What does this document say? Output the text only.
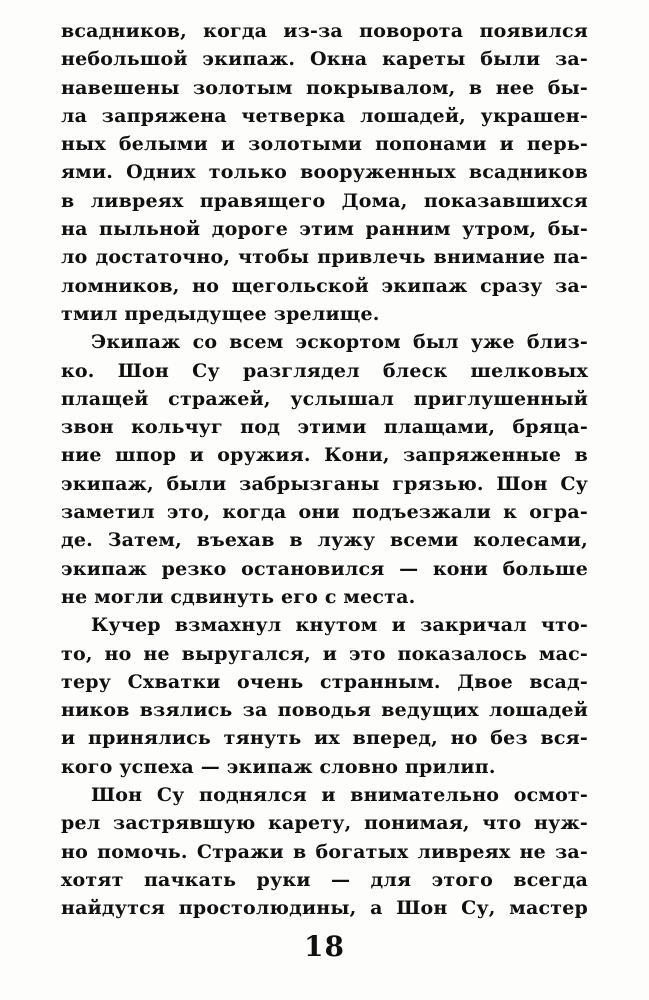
всадников, когда из-за поворота появился
небольшой экипаж. Окна кареты были за-
навешены золотым покрывалом, в нее бы-
ла запряжена четверка лошадей, украшен-
ных белыми и золотыми попонами и перь-
ями. Одних только вооруженных всадников
в ливреях правящего Дома, показавшихся
на пыльной дороге этим ранним утром, бы-
ло достаточно, чтобы привлечь внимание па-
ломников, но щегольской экипаж сразу за-
тмил предыдущее зрелище.
Экипаж со всем эскортом был уже близ-
ко. Шон Су разглядел блеск шелковых
плащей стражей, услышал приглушенный
звон кольчуг под этими плащами, бряца-
ние шпор и оружия. Кони, запряженные в
экипаж, были забрызганы грязью. Шон Су
заметил это, когда они подъезжали к огра-
де. Затем, въехав в лужу всеми колесами,
экипаж резко остановился — кони больше
не могли сдвинуть его с места.
Кучер взмахнул кнутом и закричал что-
то, но не выругался, и это показалось мас-
теру Схватки очень странным. Двое всад-
ников взялись за поводья ведущих лошадей
и принялись тянуть их вперед, но без вся-
кого успеха — экипаж словно прилип.
Шон Су поднялся и внимательно осмот-
рел застрявшую карету, понимая, что нуж-
но помочь. Стражи в богатых ливреях не за-
хотят пачкать руки — для этого всегда
найдутся простолюдины, а Шон Су, мастер
18
